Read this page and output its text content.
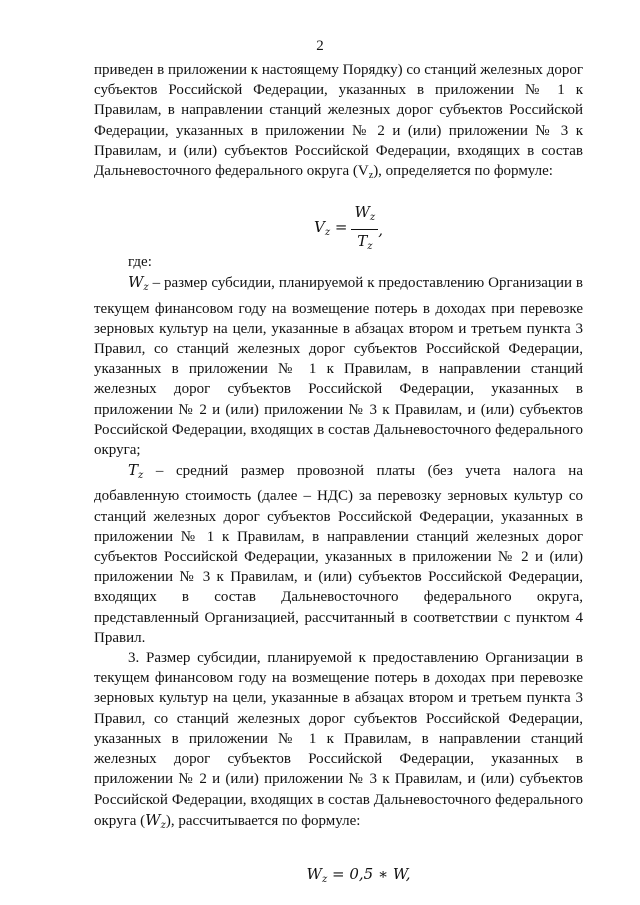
2

приведен в приложении к настоящему Порядку) со станций железных дорог субъектов Российской Федерации, указанных в приложении № 1 к Правилам, в направлении станций железных дорог субъектов Российской Федерации, указанных в приложении № 2 и (или) приложении № 3 к Правилам, и (или) субъектов Российской Федерации, входящих в состав Дальневосточного федерального округа $(V_z)$, определяется по формуле:

$V_z = \frac{W_z}{T_z}$ ,

где:

$W_z$ – размер субсидии, планируемой к предоставлению Организации в текущем финансовом году на возмещение потерь в доходах при перевозке зерновых культур на цели, указанные в абзацах втором и третьем пункта 3 Правил, со станций железных дорог субъектов Российской Федерации, указанных в приложении № 1 к Правилам, в направлении станций железных дорог субъектов Российской Федерации, указанных в приложении № 2 и (или) приложении № 3 к Правилам, и (или) субъектов Российской Федерации, входящих в состав Дальневосточного федерального округа;

$T_z$ – средний размер провозной платы (без учета налога на добавленную стоимость (далее – НДС) за перевозку зерновых культур со станций железных дорог субъектов Российской Федерации, указанных в приложении № 1 к Правилам, в направлении станций железных дорог субъектов Российской Федерации, указанных в приложении № 2 и (или) приложении № 3 к Правилам, и (или) субъектов Российской Федерации, входящих в состав Дальневосточного федерального округа, представленный Организацией, рассчитанный в соответствии с пунктом 4 Правил.

3. Размер субсидии, планируемой к предоставлению Организации в текущем финансовом году на возмещение потерь в доходах при перевозке зерновых культур на цели, указанные в абзацах втором и третьем пункта 3 Правил, со станций железных дорог субъектов Российской Федерации, указанных в приложении № 1 к Правилам, в направлении станций железных дорог субъектов Российской Федерации, указанных в приложении № 2 и (или) приложении № 3 к Правилам, и (или) субъектов Российской Федерации, входящих в состав Дальневосточного федерального округа $(W_z)$, рассчитывается по формуле:

$W_z = 0,5$ ∗ W,
